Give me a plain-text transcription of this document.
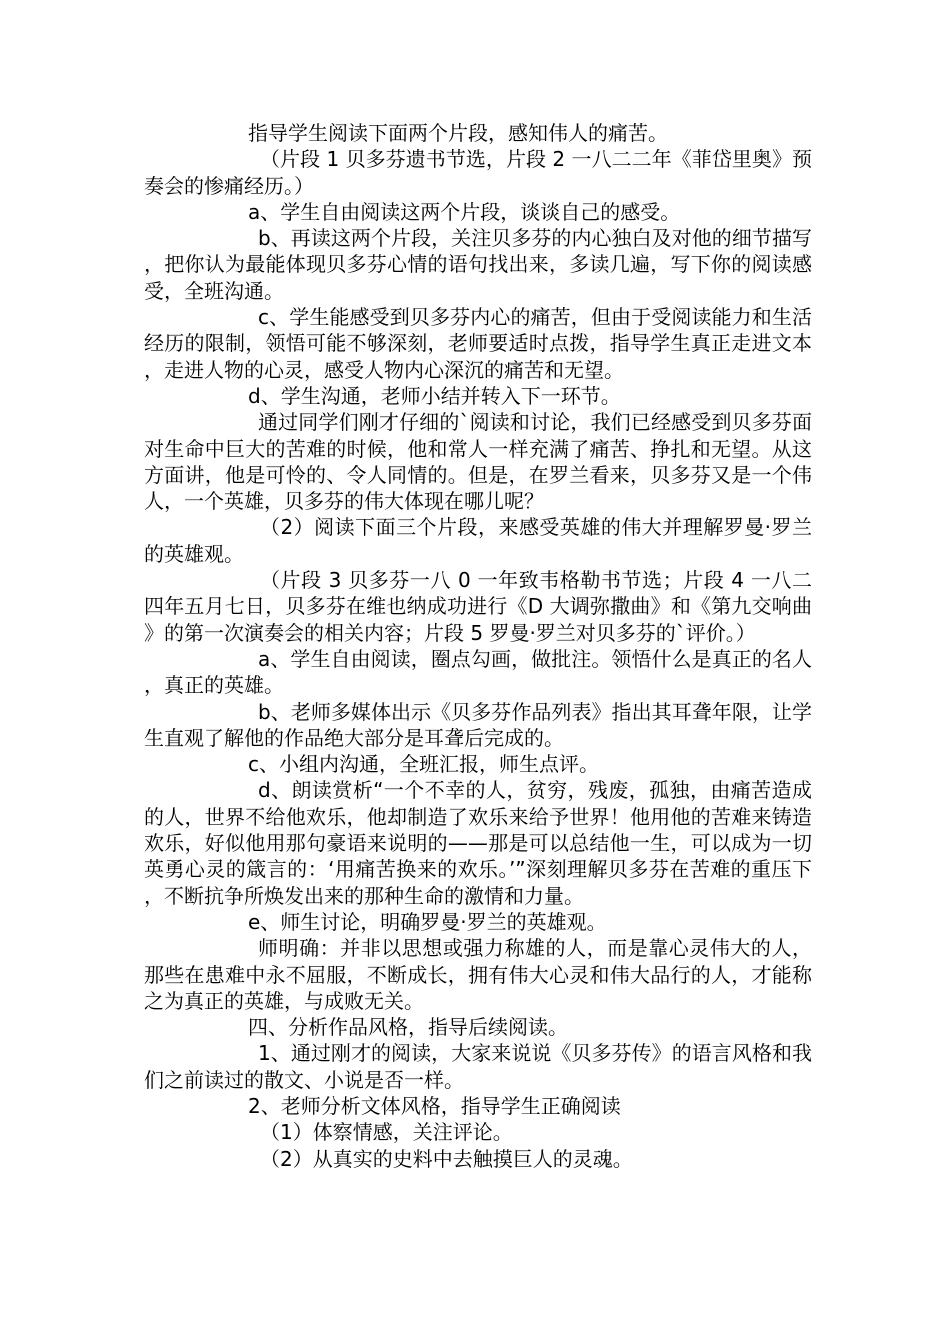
指导学生阅读下面两个片段，感知伟人的痛苦。

（片段 1 贝多芬遗书节选，片段 2 一八二二年《菲岱里奥》预奏会的惨痛经历。）

a、学生自由阅读这两个片段，谈谈自己的感受。

b、再读这两个片段，关注贝多芬的内心独白及对他的细节描写，把你认为最能体现贝多芬心情的语句找出来，多读几遍，写下你的阅读感受，全班沟通。

c、学生能感受到贝多芬内心的痛苦，但由于受阅读能力和生活经历的限制，领悟可能不够深刻，老师要适时点拨，指导学生真正走进文本，走进人物的心灵，感受人物内心深沉的痛苦和无望。

d、学生沟通，老师小结并转入下一环节。

通过同学们刚才仔细的`阅读和讨论，我们已经感受到贝多芬面对生命中巨大的苦难的时候，他和常人一样充满了痛苦、挣扎和无望。从这方面讲，他是可怜的、令人同情的。但是，在罗兰看来，贝多芬又是一个伟人，一个英雄，贝多芬的伟大体现在哪儿呢？

（2）阅读下面三个片段，来感受英雄的伟大并理解罗曼·罗兰的英雄观。

（片段 3 贝多芬一八 0 一年致韦格勒书节选；片段 4 一八二四年五月七日，贝多芬在维也纳成功进行《D 大调弥撒曲》和《第九交响曲》的第一次演奏会的相关内容；片段 5 罗曼·罗兰对贝多芬的`评价。）

a、学生自由阅读，圈点勾画，做批注。领悟什么是真正的名人，真正的英雄。

b、老师多媒体出示《贝多芬作品列表》指出其耳聋年限，让学生直观了解他的作品绝大部分是耳聋后完成的。

c、小组内沟通，全班汇报，师生点评。

d、朗读赏析“一个不幸的人，贫穷，残废，孤独，由痛苦造成的人，世界不给他欢乐，他却制造了欢乐来给予世界！他用他的苦难来铸造欢乐，好似他用那句豪语来说明的——那是可以总结他一生，可以成为一切英勇心灵的箴言的：‘用痛苦换来的欢乐。’”深刻理解贝多芬在苦难的重压下，不断抗争所焕发出来的那种生命的激情和力量。

e、师生讨论，明确罗曼·罗兰的英雄观。

师明确：并非以思想或强力称雄的人，而是靠心灵伟大的人，那些在患难中永不屈服，不断成长，拥有伟大心灵和伟大品行的人，才能称之为真正的英雄，与成败无关。

四、分析作品风格，指导后续阅读。

1、通过刚才的阅读，大家来说说《贝多芬传》的语言风格和我们之前读过的散文、小说是否一样。

2、老师分析文体风格，指导学生正确阅读

（1）体察情感，关注评论。

（2）从真实的史料中去触摸巨人的灵魂。
